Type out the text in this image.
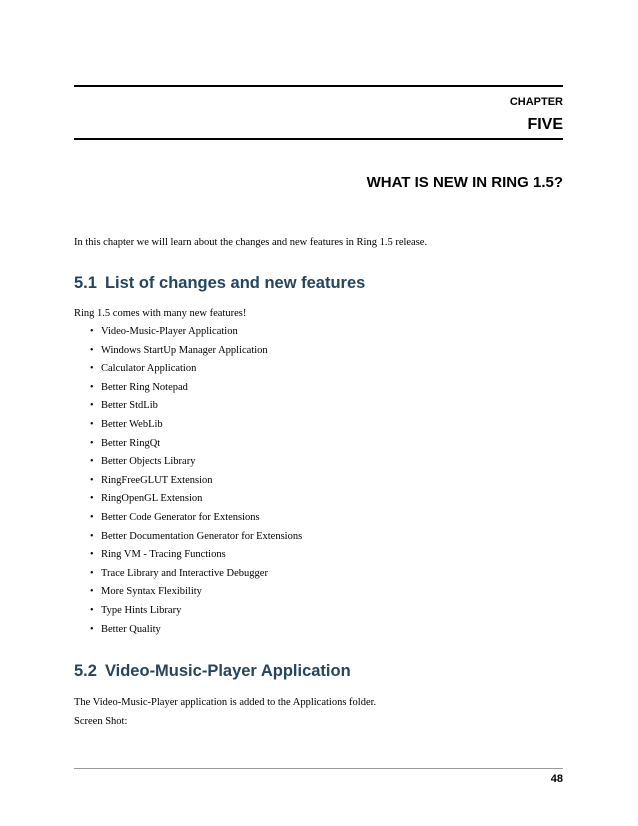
CHAPTER
FIVE
WHAT IS NEW IN RING 1.5?

In this chapter we will learn about the changes and new features in Ring 1.5 release.

5.1 List of changes and new features

Ring 1.5 comes with many new features!

• Video-Music-Player Application
• Windows StartUp Manager Application
• Calculator Application
• Better Ring Notepad
• Better StdLib
• Better WebLib
• Better RingQt
• Better Objects Library
• RingFreeGLUT Extension
• RingOpenGL Extension
• Better Code Generator for Extensions
• Better Documentation Generator for Extensions
• Ring VM - Tracing Functions
• Trace Library and Interactive Debugger
• More Syntax Flexibility
• Type Hints Library
• Better Quality
5.2 Video-Music-Player Application

The Video-Music-Player application is added to the Applications folder.

Screen Shot:

48
